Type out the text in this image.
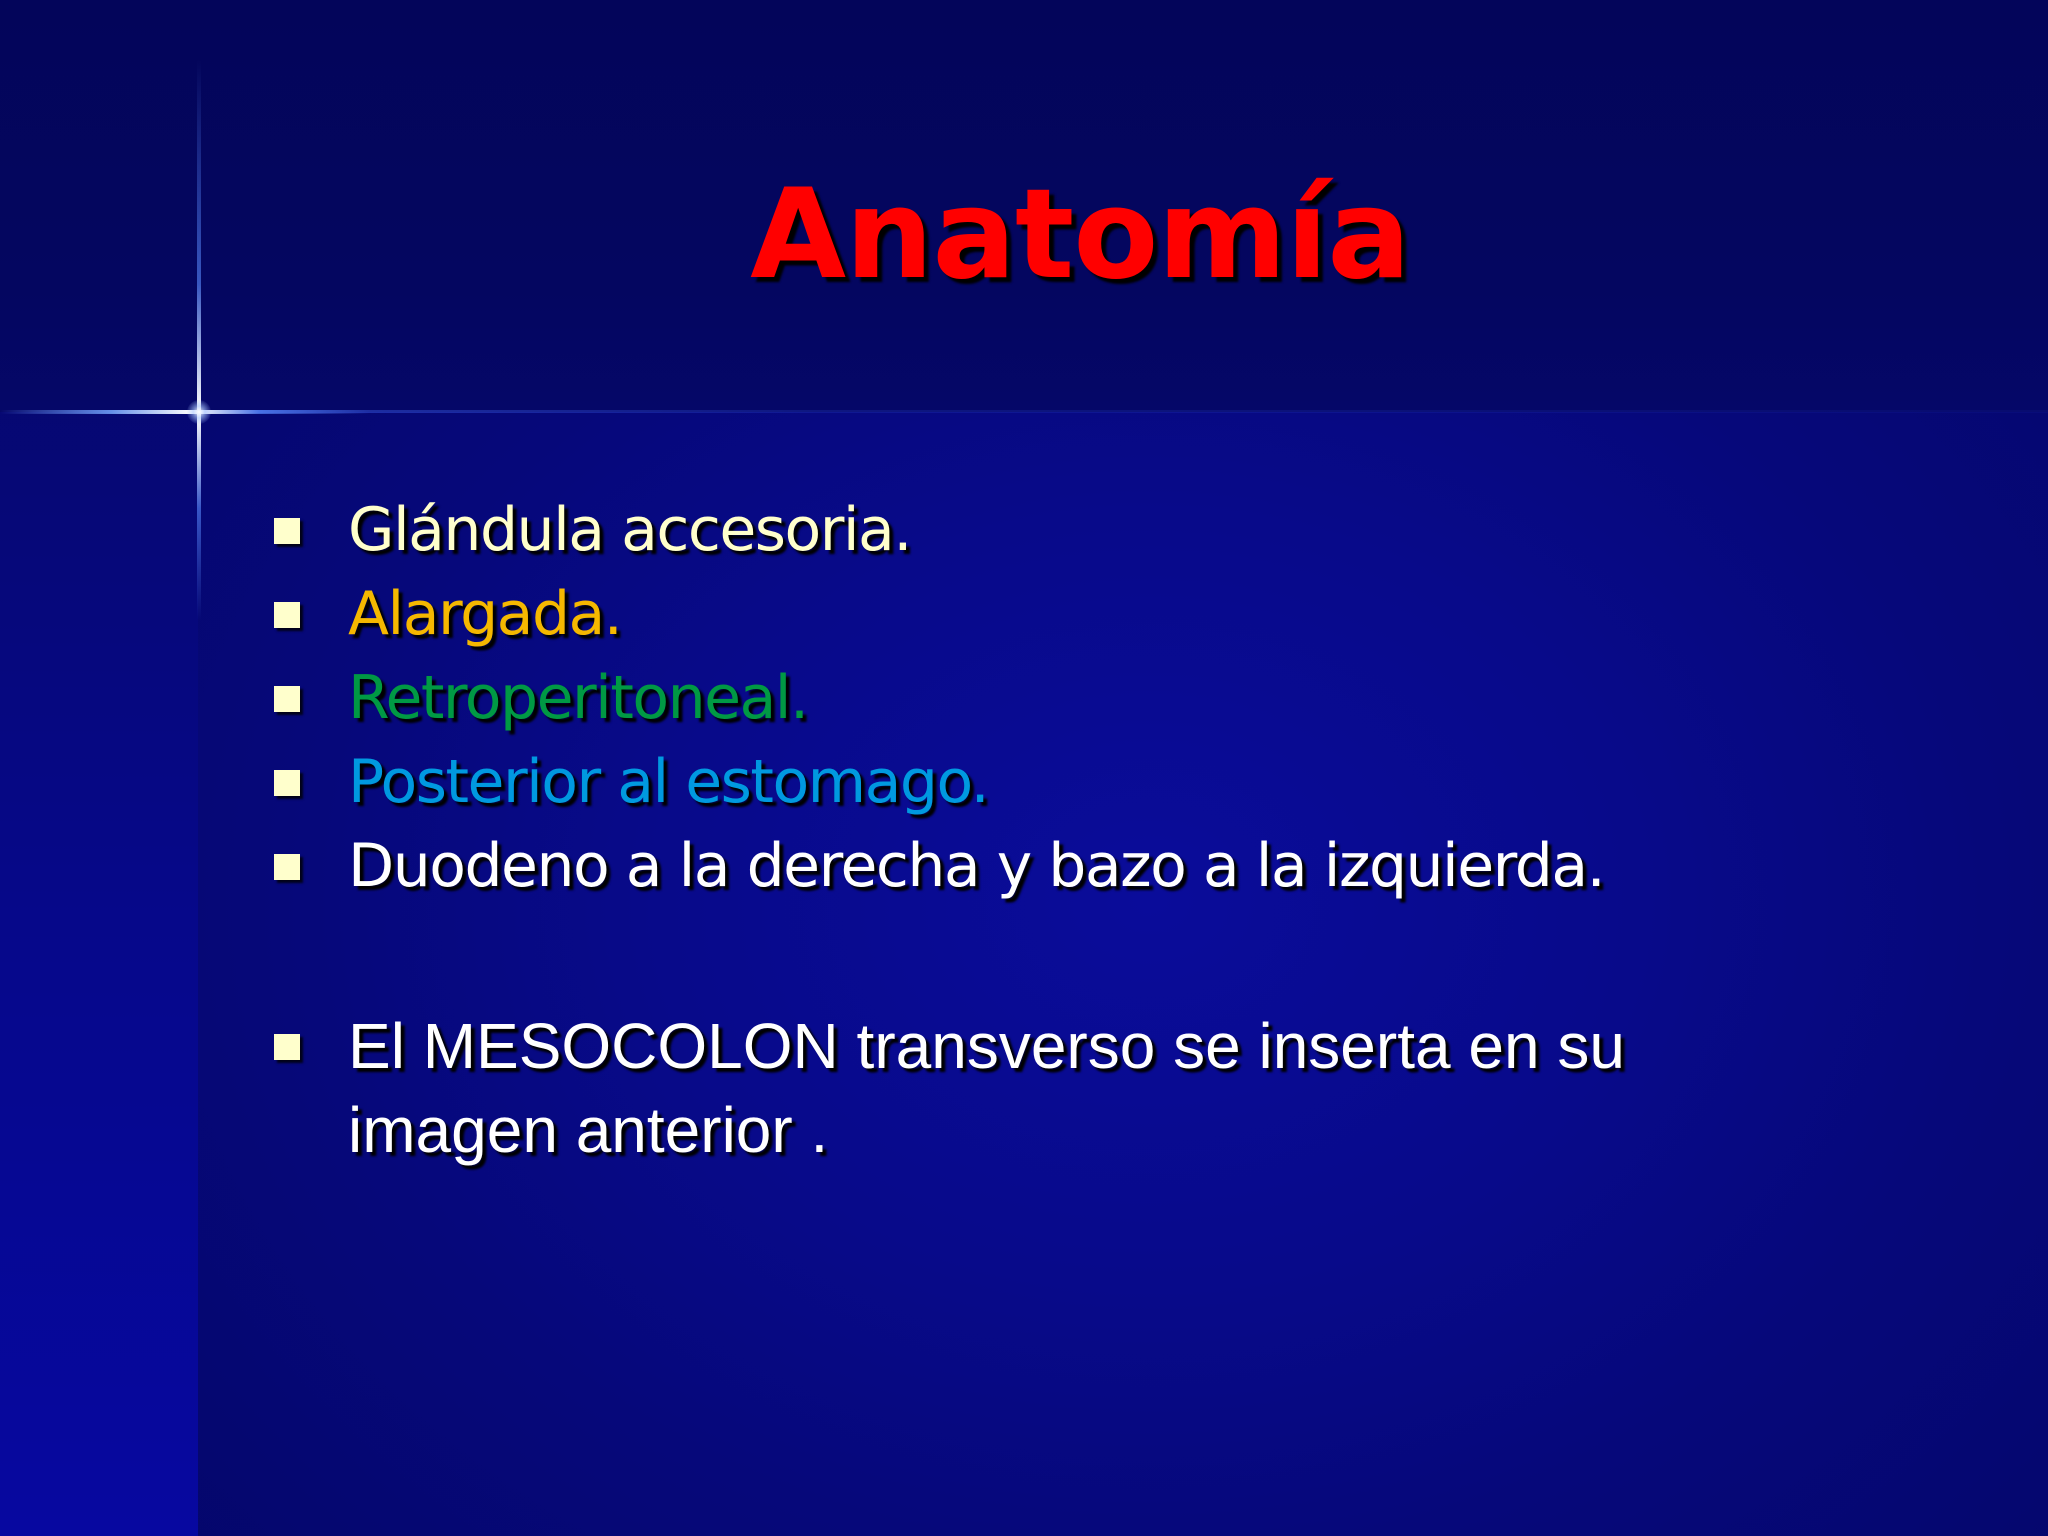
Anatomía
Glándula accesoria.
Alargada.
Retroperitoneal.
Posterior al estomago.
Duodeno a la derecha y bazo a la izquierda.
El MESOCOLON transverso se inserta en su imagen anterior .
